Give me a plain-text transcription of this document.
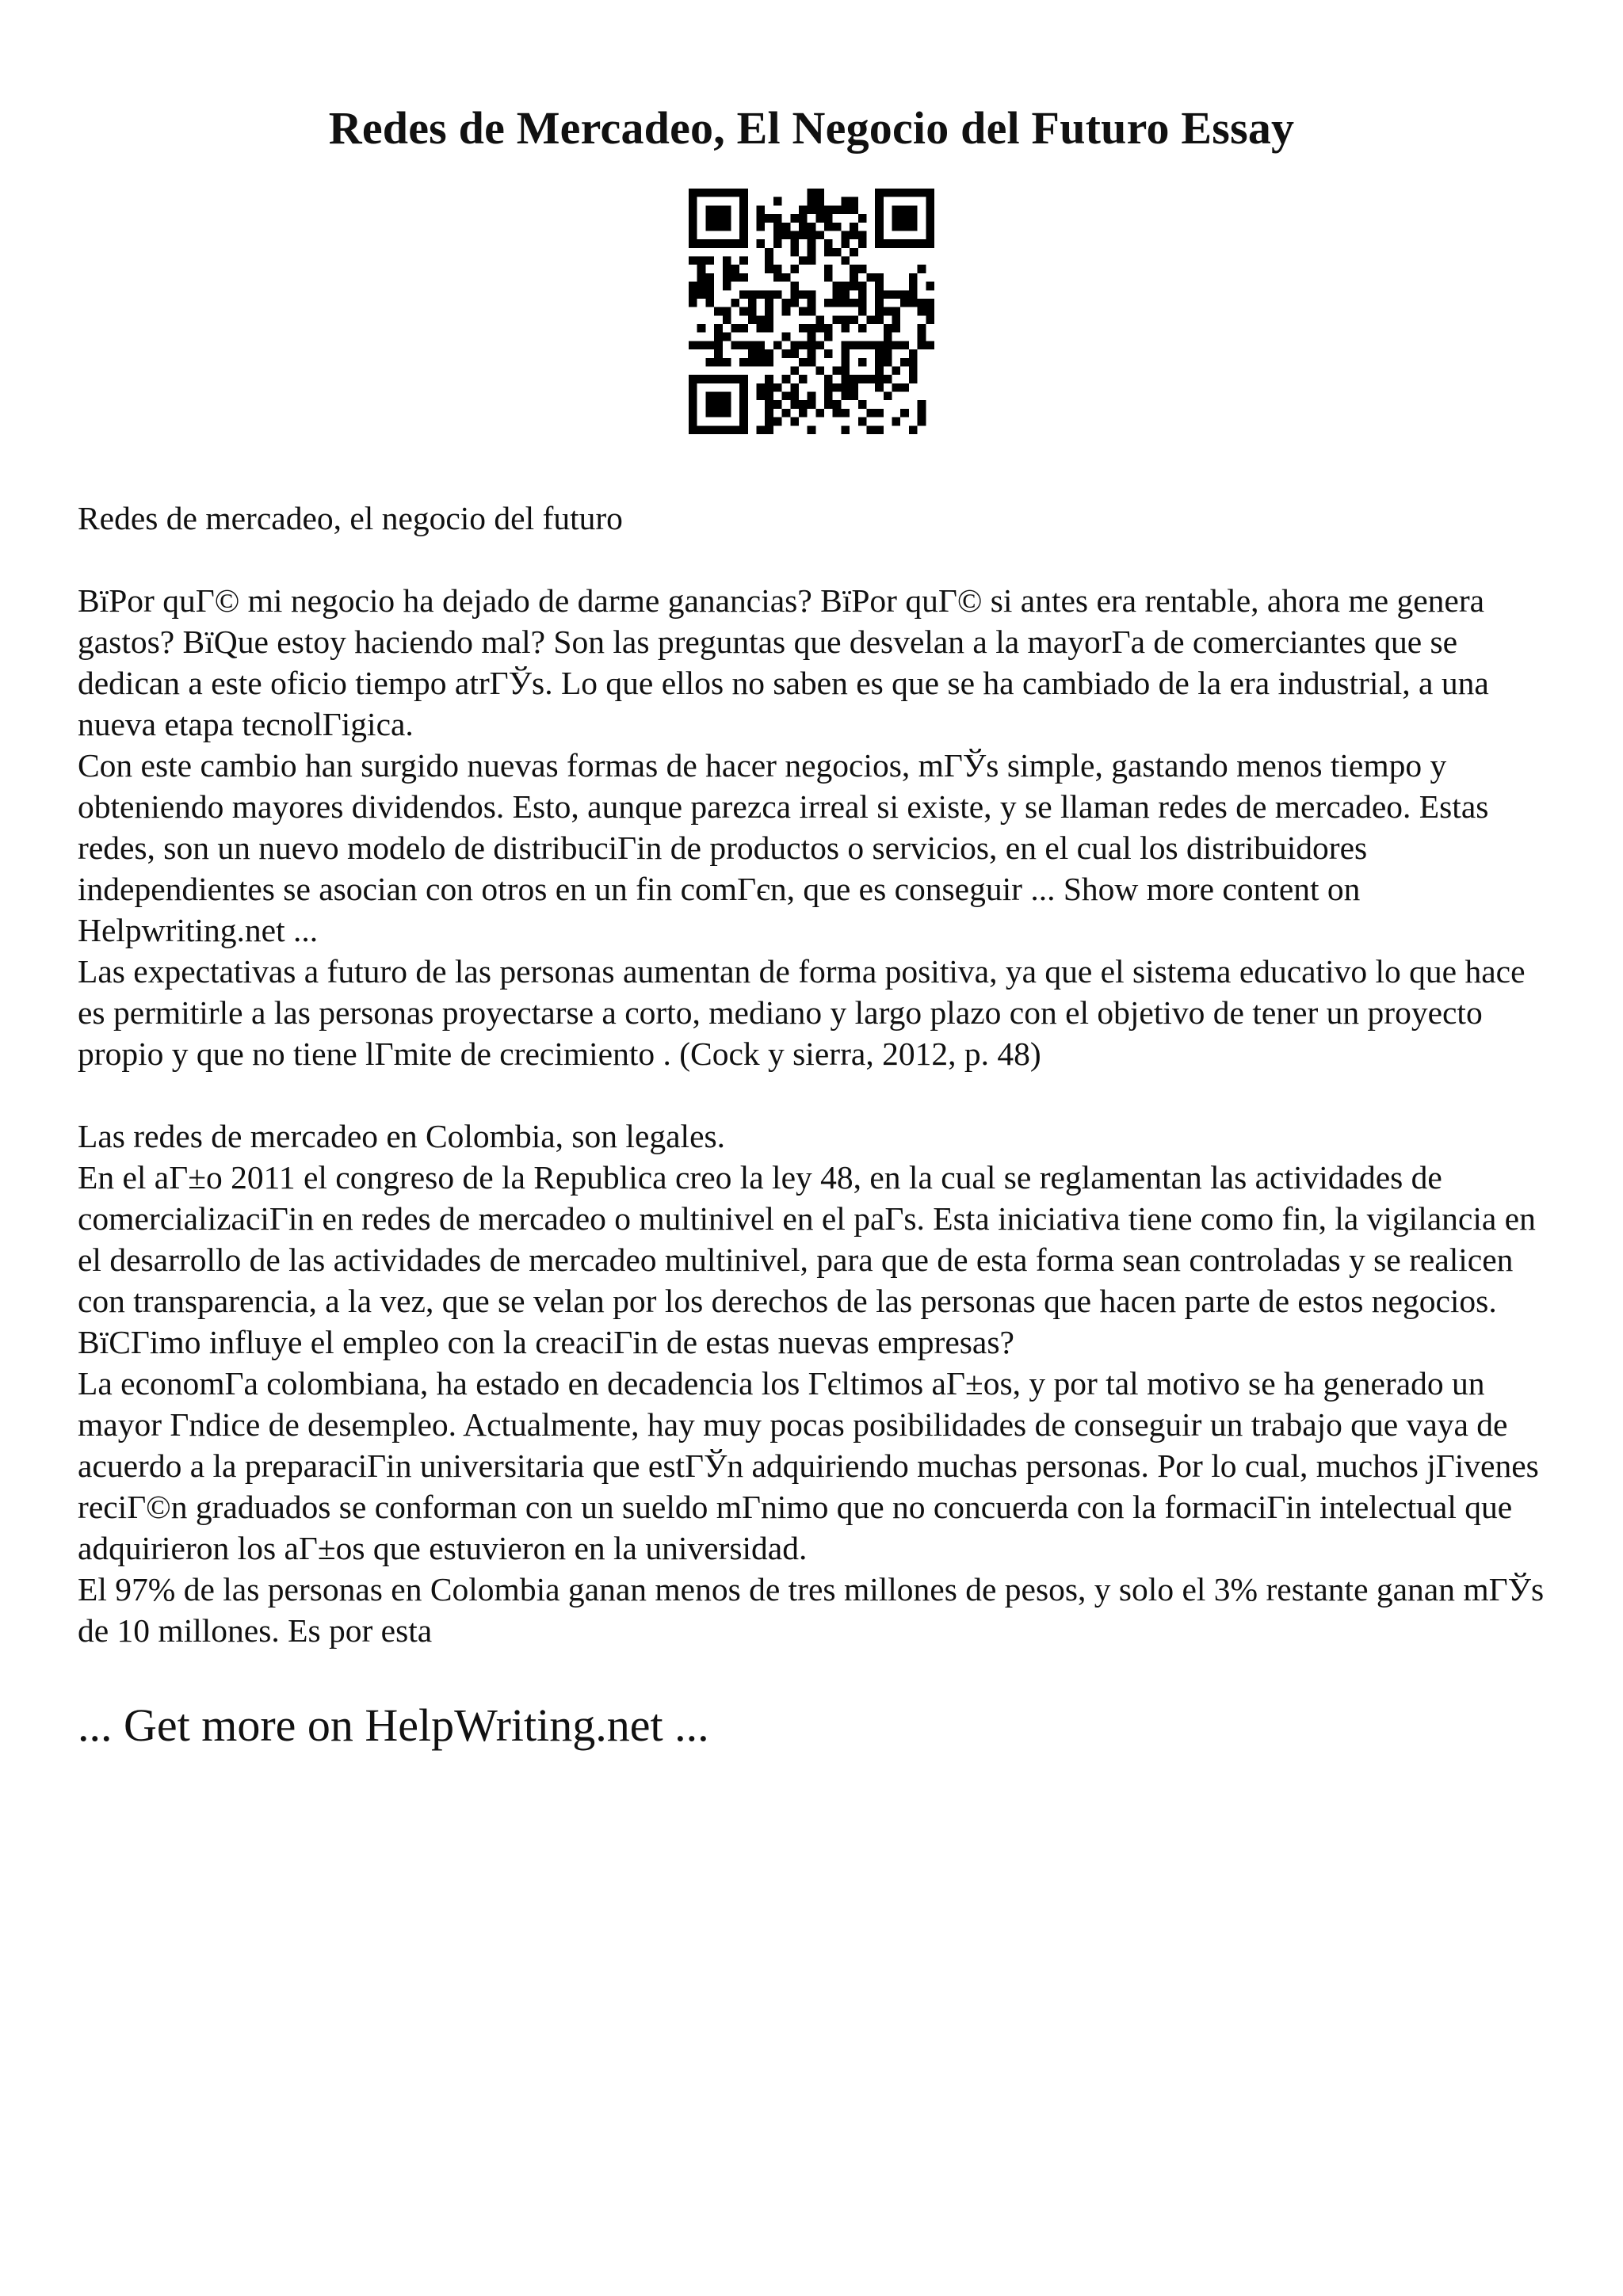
Redes de Mercadeo, El Negocio del Futuro Essay

Redes de mercadeo, el negocio del futuro

BїPor quГ© mi negocio ha dejado de darme ganancias? BїPor quГ© si antes era rentable, ahora me genera gastos? BїQue estoy haciendo mal? Son las preguntas que desvelan a la mayorГa de comerciantes que se dedican a este oficio tiempo atrГЎs. Lo que ellos no saben es que se ha cambiado de la era industrial, a una nueva etapa tecnolГіgica.

Con este cambio han surgido nuevas formas de hacer negocios, mГЎs simple, gastando menos tiempo y obteniendo mayores dividendos. Esto, aunque parezca irreal si existe, y se llaman redes de mercadeo. Estas redes, son un nuevo modelo de distribuciГіn de productos o servicios, en el cual los distribuidores independientes se asocian con otros en un fin comГєn, que es conseguir ... Show more content on Helpwriting.net ...

Las expectativas a futuro de las personas aumentan de forma positiva, ya que el sistema educativo lo que hace es permitirle a las personas proyectarse a corto, mediano y largo plazo con el objetivo de tener un proyecto propio y que no tiene lГmite de crecimiento . (Cock y sierra, 2012, p. 48)

Las redes de mercadeo en Colombia, son legales.

En el aГ±o 2011 el congreso de la Republica creo la ley 48, en la cual se reglamentan las actividades de comercializaciГіn en redes de mercadeo o multinivel en el paГs. Esta iniciativa tiene como fin, la vigilancia en el desarrollo de las actividades de mercadeo multinivel, para que de esta forma sean controladas y se realicen con transparencia, a la vez, que se velan por los derechos de las personas que hacen parte de estos negocios.

BїCГіmo influye el empleo con la creaciГіn de estas nuevas empresas?

La economГa colombiana, ha estado en decadencia los Гєltimos aГ±os, y por tal motivo se ha generado un mayor Гndice de desempleo. Actualmente, hay muy pocas posibilidades de conseguir un trabajo que vaya de acuerdo a la preparaciГіn universitaria que estГЎn adquiriendo muchas personas. Por lo cual, muchos jГіvenes reciГ©n graduados se conforman con un sueldo mГnimo que no concuerda con la formaciГіn intelectual que adquirieron los aГ±os que estuvieron en la universidad.

El 97% de las personas en Colombia ganan menos de tres millones de pesos, y solo el 3% restante ganan mГЎs de 10 millones. Es por esta

... Get more on HelpWriting.net ...
